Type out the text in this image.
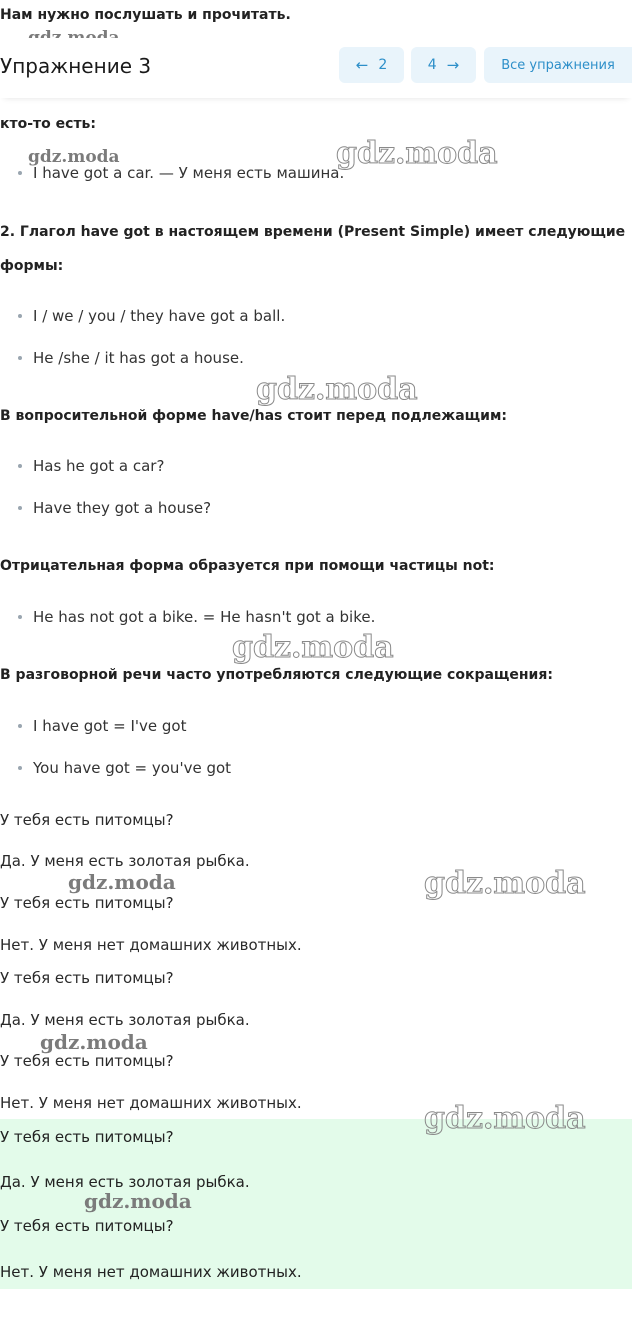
Нам нужно послушать и прочитать.
Упражнение 3	← 2	4 →	Все упражнения
кто-то есть:
gdz.moda
I have got a car. — У меня есть машина.
gdz.moda
2. Глагол have got в настоящем времени (Present Simple) имеет следующие
формы:
I / we / you / they have got a ball.
He /she / it has got a house.
gdz.moda
В вопросительной форме have/has стоит перед подлежащим:
Has he got a car?
Have they got a house?
Отрицательная форма образуется при помощи частицы not:
He has not got a bike. = He hasn't got a bike.
gdz.moda
В разговорной речи часто употребляются следующие сокращения:
I have got = I've got
You have got = you've got
У тебя есть питомцы?
Да. У меня есть золотая рыбка.
gdz.moda	gdz.moda
У тебя есть питомцы?
Нет. У меня нет домашних животных.
У тебя есть питомцы?
Да. У меня есть золотая рыбка.
gdz.moda
У тебя есть питомцы?
Нет. У меня нет домашних животных.
У тебя есть питомцы?
Да. У меня есть золотая рыбка.
У тебя есть питомцы?
Нет. У меня нет домашних животных.
gdz.moda
gdz.moda
